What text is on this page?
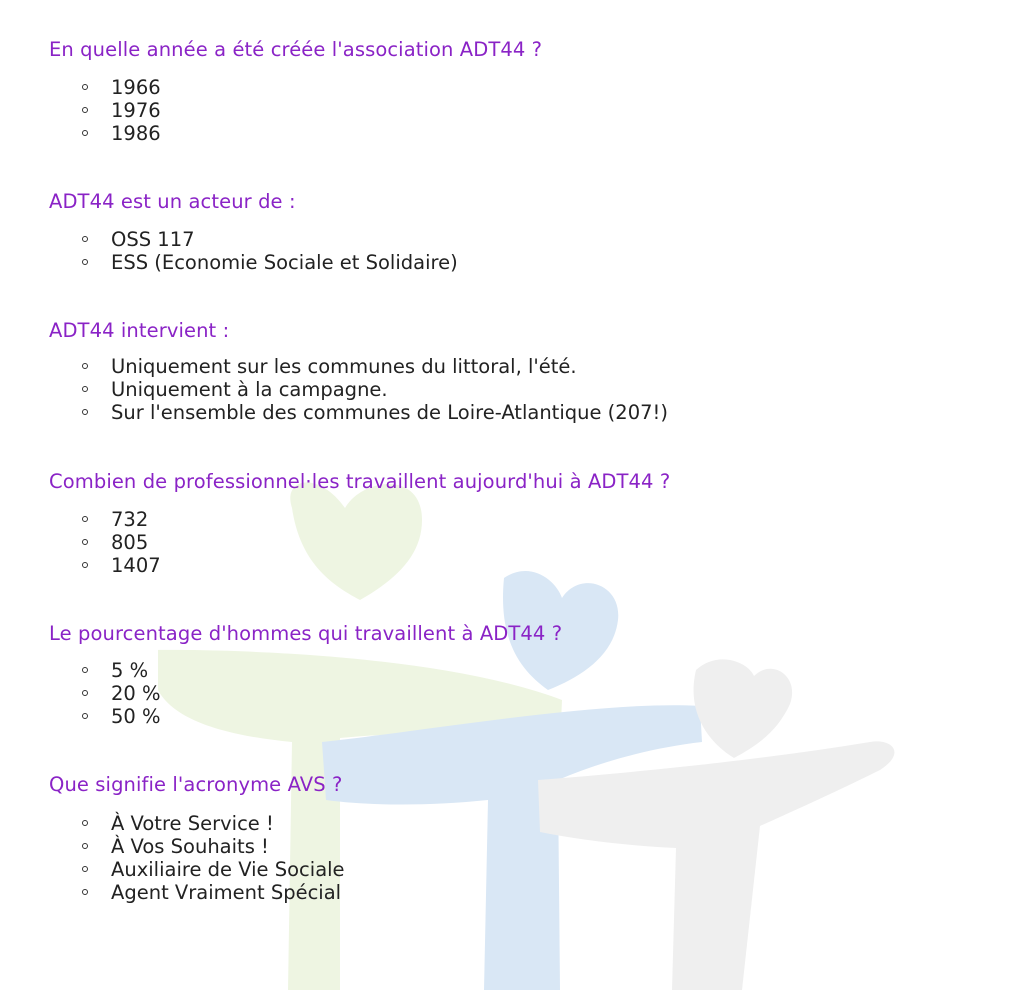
En quelle année a été créée l'association ADT44 ?
1966
1976
1986
ADT44 est un acteur de :
OSS 117
ESS (Economie Sociale et Solidaire)
ADT44 intervient :
Uniquement sur les communes du littoral, l'été.
Uniquement à la campagne.
Sur l'ensemble des communes de Loire-Atlantique (207!)
Combien de professionnel·les travaillent aujourd'hui à ADT44 ?
732
805
1407
Le pourcentage d'hommes qui travaillent à ADT44 ?
5 %
20 %
50 %
Que signifie l'acronyme AVS ?
À Votre Service !
À Vos Souhaits !
Auxiliaire de Vie Sociale
Agent Vraiment Spécial
